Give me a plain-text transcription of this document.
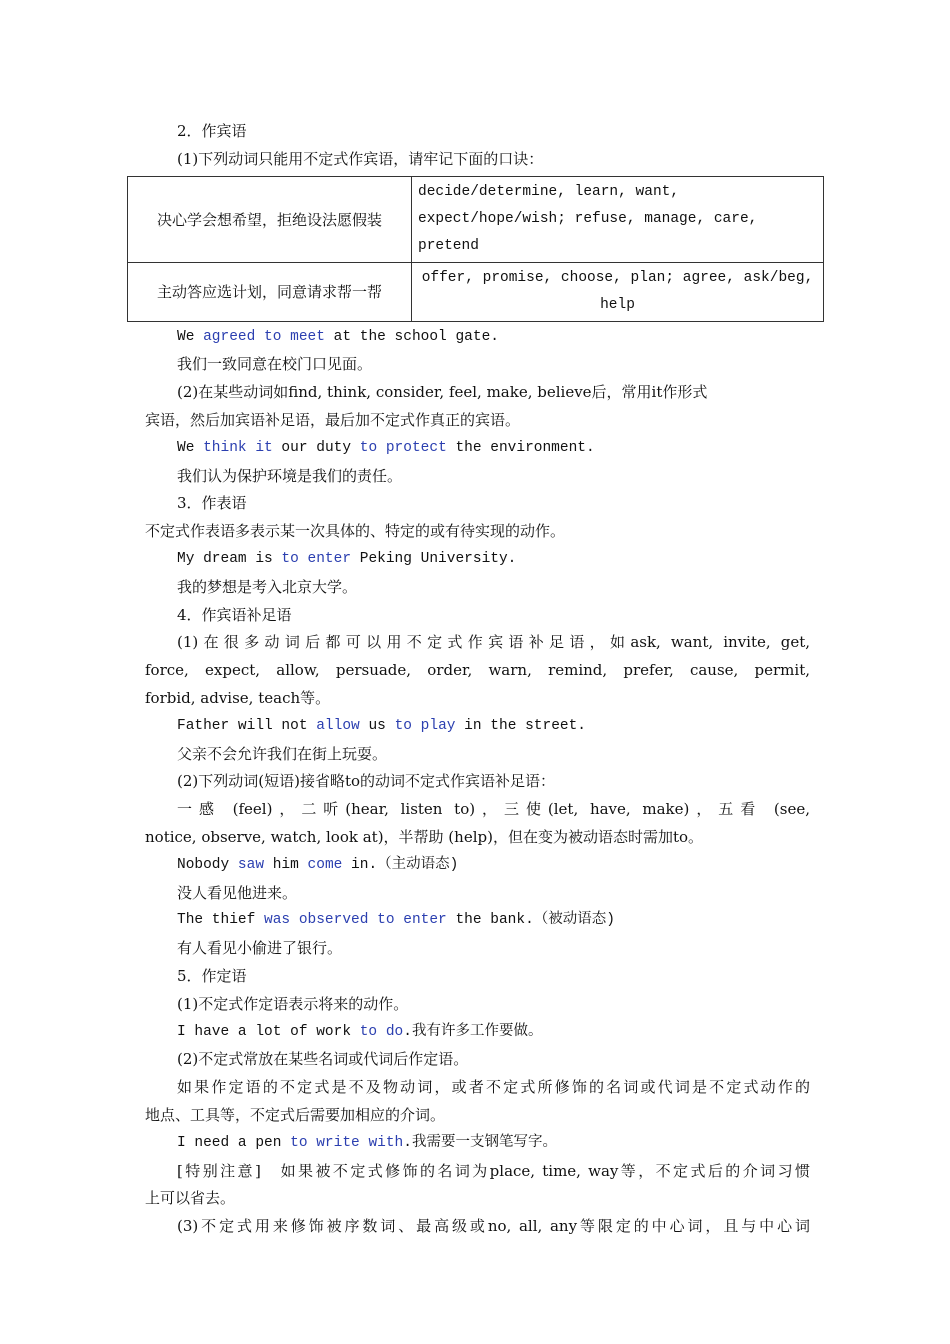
2．作宾语
(1)下列动词只能用不定式作宾语，请牢记下面的口诀：
决心学会想希望，拒绝设法愿假装	decide/determine, learn, want,
expect/hope/wish; refuse, manage, care, pretend

主动答应选计划，同意请求帮一帮	offer, promise, choose, plan; agree, ask/beg,
help
We agreed to meet at the school gate.
我们一致同意在校门口见面。
(2)在某些动词如find, think, consider, feel, make, believe后，常用it作形式
宾语，然后加宾语补足语，最后加不定式作真正的宾语。
We think it our duty to protect the environment.
我们认为保护环境是我们的责任。
3．作表语
不定式作表语多表示某一次具体的、特定的或有待实现的动作。
My dream is to enter Peking University.
我的梦想是考入北京大学。
4．作宾语补足语
(1)在很多动词后都可以用不定式作宾语补足语，如ask, want, invite, get,
force, expect, allow, persuade, order, warn, remind, prefer, cause, permit,
forbid, advise, teach等。
Father will not allow us to play in the street.
父亲不会允许我们在街上玩耍。
(2)下列动词(短语)接省略to的动词不定式作宾语补足语：
一感 (feel)，二听(hear, listen to)，三使(let, have, make)，五看 (see,
notice, observe, watch, look at)，半帮助 (help)，但在变为被动语态时需加to。
Nobody saw him come in.（主动语态)
没人看见他进来。
The thief was observed to enter the bank.（被动语态)
有人看见小偷进了银行。
5．作定语
(1)不定式作定语表示将来的动作。
I have a lot of work to do.我有许多工作要做。
(2)不定式常放在某些名词或代词后作定语。
如果作定语的不定式是不及物动词，或者不定式所修饰的名词或代词是不定式动作的
地点、工具等，不定式后需要加相应的介词。
I need a pen to write with.我需要一支钢笔写字。
[特别注意]　如果被不定式修饰的名词为place, time, way等，不定式后的介词习惯
上可以省去。
(3)不定式用来修饰被序数词、最高级或no, all, any等限定的中心词，且与中心词
